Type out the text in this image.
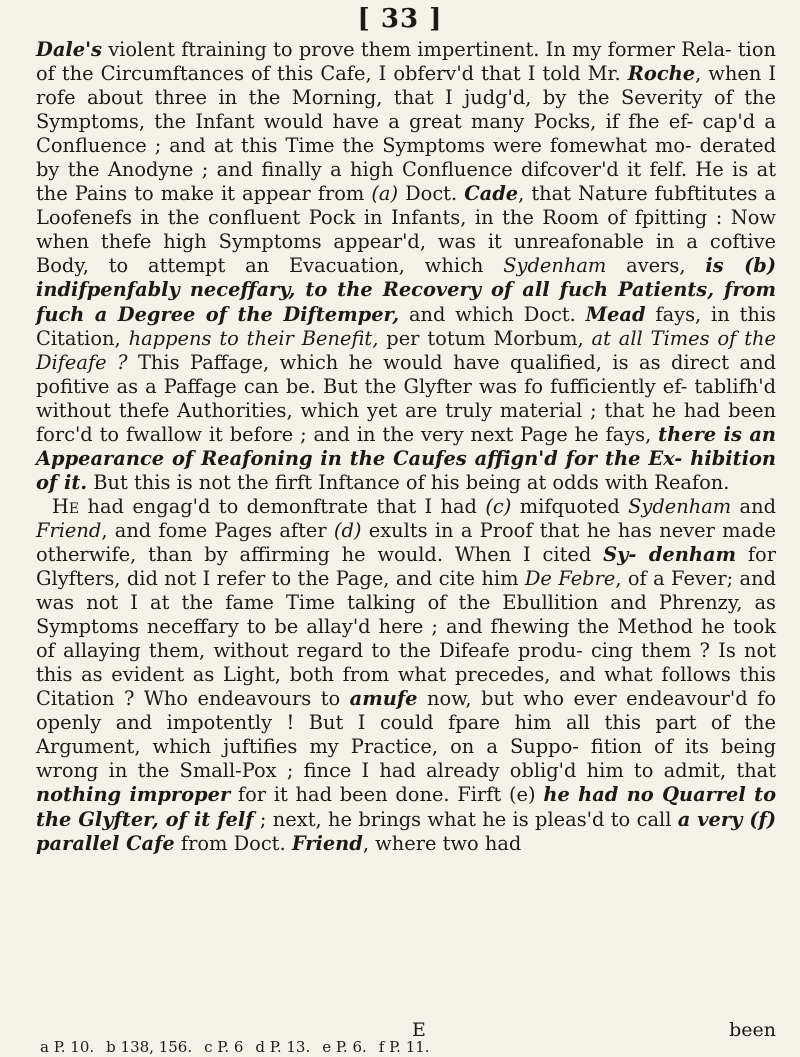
[ 33 ]

Dale's violent ftraining to prove them impertinent. In my former Rela- tion of the Circumftances of this Cafe, I obferv'd that I told Mr. Roche, when I rofe about three in the Morning, that I judg'd, by the Severity of the Symptoms, the Infant would have a great many Pocks, if fhe ef- cap'd a Confluence ; and at this Time the Symptoms were fomewhat mo- derated by the Anodyne ; and finally a high Confluence difcover'd it felf. He is at the Pains to make it appear from (a) Doct. Cade, that Nature fubftitutes a Loofenefs in the confluent Pock in Infants, in the Room of fpitting : Now when thefe high Symptoms appear'd, was it unreafonable in a coftive Body, to attempt an Evacuation, which Sydenham avers, is (b) indifpenfably neceffary, to the Recovery of all fuch Patients, from fuch a Degree of the Diftemper, and which Doct. Mead fays, in this Citation, happens to their Benefit, per totum Morbum, at all Times of the Difeafe ? This Paffage, which he would have qualified, is as direct and pofitive as a Paffage can be. But the Glyfter was fo fufficiently ef- tablifh'd without thefe Authorities, which yet are truly material ; that he had been forc'd to fwallow it before ; and in the very next Page he fays, there is an Appearance of Reafoning in the Caufes affign'd for the Ex- hibition of it. But this is not the firft Inftance of his being at odds with Reafon.

He had engag'd to demonftrate that I had (c) mifquoted Sydenham and Friend, and fome Pages after (d) exults in a Proof that he has never made otherwife, than by affirming he would. When I cited Sy- denham for Glyfters, did not I refer to the Page, and cite him De Febre, of a Fever; and was not I at the fame Time talking of the Ebullition and Phrenzy, as Symptoms neceffary to be allay'd here ; and fhewing the Method he took of allaying them, without regard to the Difeafe produ- cing them ? Is not this as evident as Light, both from what precedes, and what follows this Citation ? Who endeavours to amufe now, but who ever endeavour'd fo openly and impotently ! But I could fpare him all this part of the Argument, which juftifies my Practice, on a Suppo- fition of its being wrong in the Small-Pox ; fince I had already oblig'd him to admit, that nothing improper for it had been done. Firft (e) he had no Quarrel to the Glyfter, of it felf ; next, he brings what he is pleas'd to call a very (f) parallel Cafe from Doct. Friend, where two had

E	been
a P. 10. b 138, 156. c P. 6 d P. 13. e P. 6. f P. 11.
